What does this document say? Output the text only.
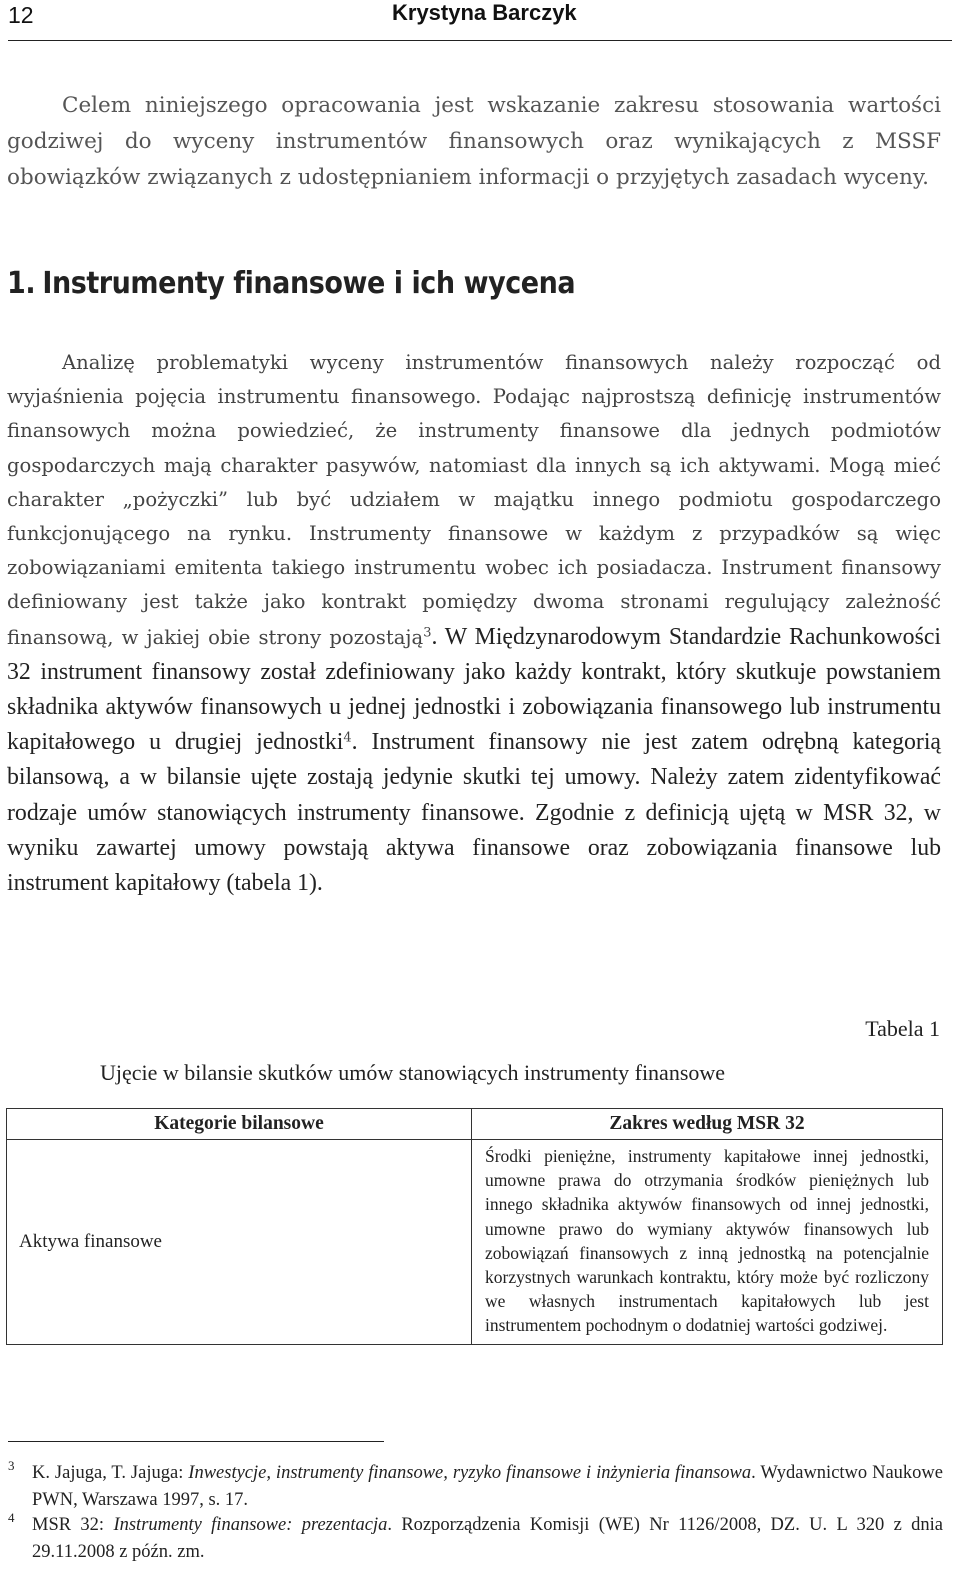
12	Krystyna Barczyk

Celem niniejszego opracowania jest wskazanie zakresu stosowania wartości godziwej do wyceny instrumentów finansowych oraz wynikających z MSSF obowiązków związanych z udostępnianiem informacji o przyjętych zasadach wyceny.

1. Instrumenty finansowe i ich wycena

Analizę problematyki wyceny instrumentów finansowych należy rozpocząć od wyjaśnienia pojęcia instrumentu finansowego. Podając najprostszą definicję instrumentów finansowych można powiedzieć, że instrumenty finansowe dla jednych podmiotów gospodarczych mają charakter pasywów, natomiast dla innych są ich aktywami. Mogą mieć charakter „pożyczki” lub być udziałem w majątku innego podmiotu gospodarczego funkcjonującego na rynku. Instrumenty finansowe w każdym z przypadków są więc zobowiązaniami emitenta takiego instrumentu wobec ich posiadacza. Instrument finansowy definiowany jest także jako kontrakt pomiędzy dwoma stronami regulujący zależność finansową, w jakiej obie strony pozostają$^3$. W Międzynarodowym Standardzie Rachunkowości 32 instrument finansowy został zdefiniowany jako każdy kontrakt, który skutkuje powstaniem składnika aktywów finansowych u jednej jednostki i zobowiązania finansowego lub instrumentu kapitałowego u drugiej jednostki$^4$. Instrument finansowy nie jest zatem odrębną kategorią bilansową, a w bilansie ujęte zostają jedynie skutki tej umowy. Należy zatem zidentyfikować rodzaje umów stanowiących instrumenty finansowe. Zgodnie z definicją ujętą w MSR 32, w wyniku zawartej umowy powstają aktywa finansowe oraz zobowiązania finansowe lub instrument kapitałowy (tabela 1).

Tabela 1
Ujęcie w bilansie skutków umów stanowiących instrumenty finansowe
Kategorie bilansowe	Zakres według MSR 32
Aktywa finansowe	Środki pieniężne, instrumenty kapitałowe innej jednostki, umowne prawa do otrzymania środków pieniężnych lub innego składnika aktywów finansowych od innej jednostki, umowne prawo do wymiany aktywów finansowych lub zobowiązań finansowych z inną jednostką na potencjalnie korzystnych warunkach kontraktu, który może być rozliczony we własnych instrumentach kapitałowych lub jest instrumentem pochodnym o dodatniej wartości godziwej.
3 K. Jajuga, T. Jajuga: Inwestycje, instrumenty finansowe, ryzyko finansowe i inżynieria finansowa. Wydawnictwo Naukowe PWN, Warszawa 1997, s. 17.
4 MSR 32: Instrumenty finansowe: prezentacja. Rozporządzenia Komisji (WE) Nr 1126/2008, DZ. U. L 320 z dnia 29.11.2008 z późn. zm.
